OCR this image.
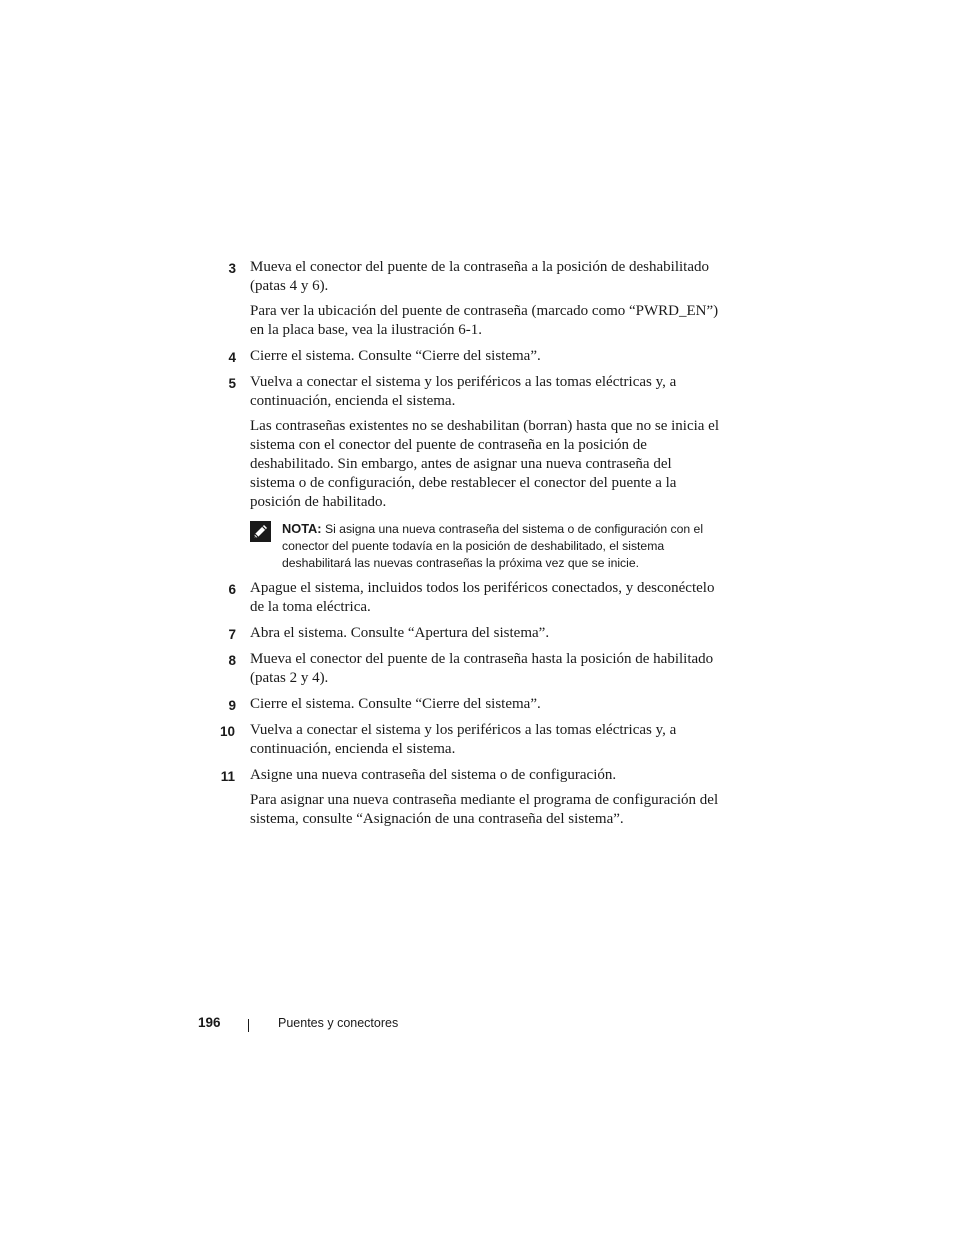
3 Mueva el conector del puente de la contraseña a la posición de deshabilitado (patas 4 y 6).

Para ver la ubicación del puente de contraseña (marcado como “PWRD_EN”) en la placa base, vea la ilustración 6-1.

4 Cierre el sistema. Consulte “Cierre del sistema”.

5 Vuelva a conectar el sistema y los periféricos a las tomas eléctricas y, a continuación, encienda el sistema.

Las contraseñas existentes no se deshabilitan (borran) hasta que no se inicia el sistema con el conector del puente de contraseña en la posición de deshabilitado. Sin embargo, antes de asignar una nueva contraseña del sistema o de configuración, debe restablecer el conector del puente a la posición de habilitado.

NOTA: Si asigna una nueva contraseña del sistema o de configuración con el conector del puente todavía en la posición de deshabilitado, el sistema deshabilitará las nuevas contraseñas la próxima vez que se inicie.

6 Apague el sistema, incluidos todos los periféricos conectados, y desconéctelo de la toma eléctrica.

7 Abra el sistema. Consulte “Apertura del sistema”.

8 Mueva el conector del puente de la contraseña hasta la posición de habilitado (patas 2 y 4).

9 Cierre el sistema. Consulte “Cierre del sistema”.

10 Vuelva a conectar el sistema y los periféricos a las tomas eléctricas y, a continuación, encienda el sistema.

11 Asigne una nueva contraseña del sistema o de configuración.

Para asignar una nueva contraseña mediante el programa de configuración del sistema, consulte “Asignación de una contraseña del sistema”.

196	Puentes y conectores
